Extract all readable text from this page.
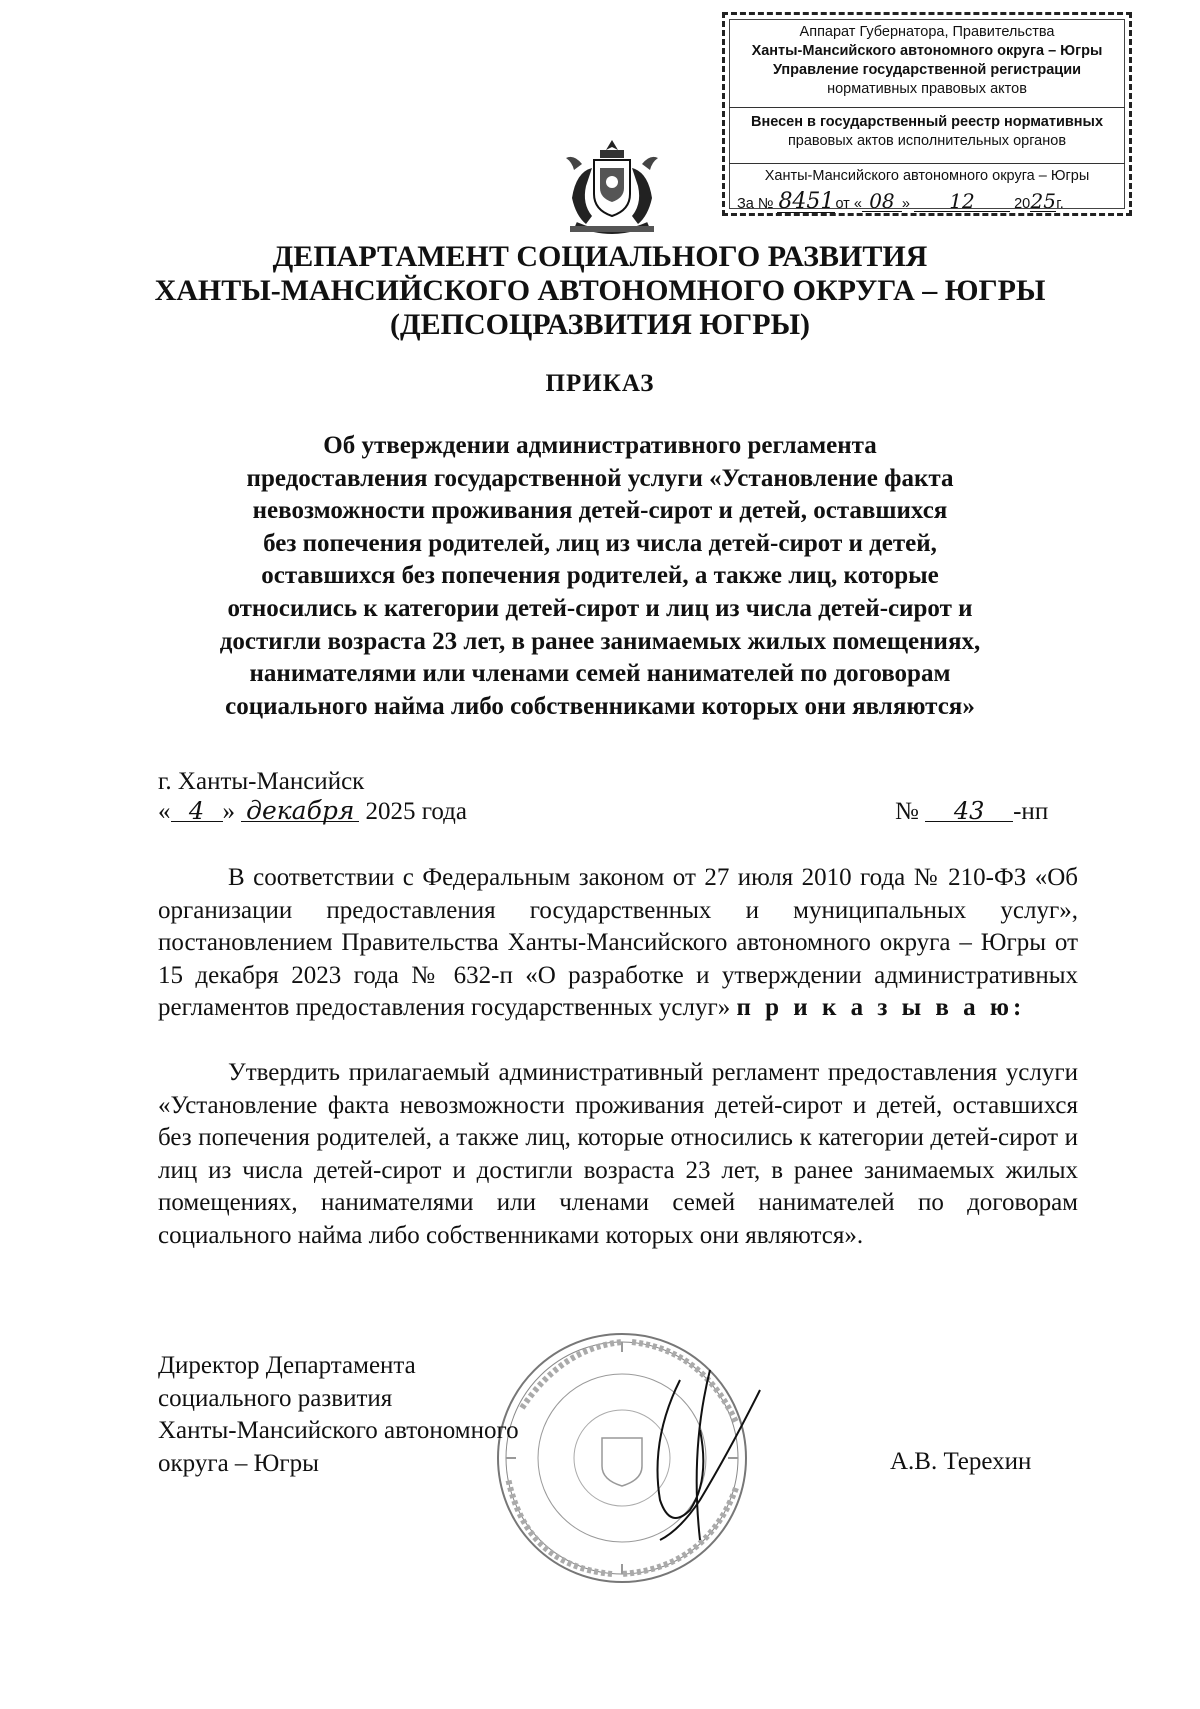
Аппарат Губернатора, Правительства
Ханты-Мансийского автономного округа – Югры
Управление государственной регистрации
нормативных правовых актов
Внесен в государственный реестр нормативных
правовых актов исполнительных органов
Ханты-Мансийского автономного округа – Югры
За № 8451от « 08 » 12	2025г.
ДЕПАРТАМЕНТ СОЦИАЛЬНОГО РАЗВИТИЯ
ХАНТЫ-МАНСИЙСКОГО АВТОНОМНОГО ОКРУГА – ЮГРЫ
(ДЕПСОЦРАЗВИТИЯ ЮГРЫ)
ПРИКАЗ
Об утверждении административного регламента
предоставления государственной услуги «Установление факта
невозможности проживания детей-сирот и детей, оставшихся
без попечения родителей, лиц из числа детей-сирот и детей,
оставшихся без попечения родителей, а также лиц, которые
относились к категории детей-сирот и лиц из числа детей-сирот и
достигли возраста 23 лет, в ранее занимаемых жилых помещениях,
нанимателями или членами семей нанимателей по договорам
социального найма либо собственниками которых они являются»
г. Ханты-Мансийск
« 4 » декабря 2025 года	№ 43 -нп
В соответствии с Федеральным законом от 27 июля 2010 года № 210-ФЗ «Об организации предоставления государственных и муниципальных услуг», постановлением Правительства Ханты-Мансийского автономного округа – Югры от 15 декабря 2023 года № 632-п «О разработке и утверждении административных регламентов предоставления государственных услуг» п р и к а з ы в а ю:
Утвердить прилагаемый административный регламент предоставления услуги «Установление факта невозможности проживания детей-сирот и детей, оставшихся без попечения родителей, а также лиц, которые относились к категории детей-сирот и лиц из числа детей-сирот и достигли возраста 23 лет, в ранее занимаемых жилых помещениях, нанимателями или членами семей нанимателей по договорам социального найма либо собственниками которых они являются».
Директор Департамента
социального развития
Ханты-Мансийского автономного
округа – Югры	А.В. Терехин
